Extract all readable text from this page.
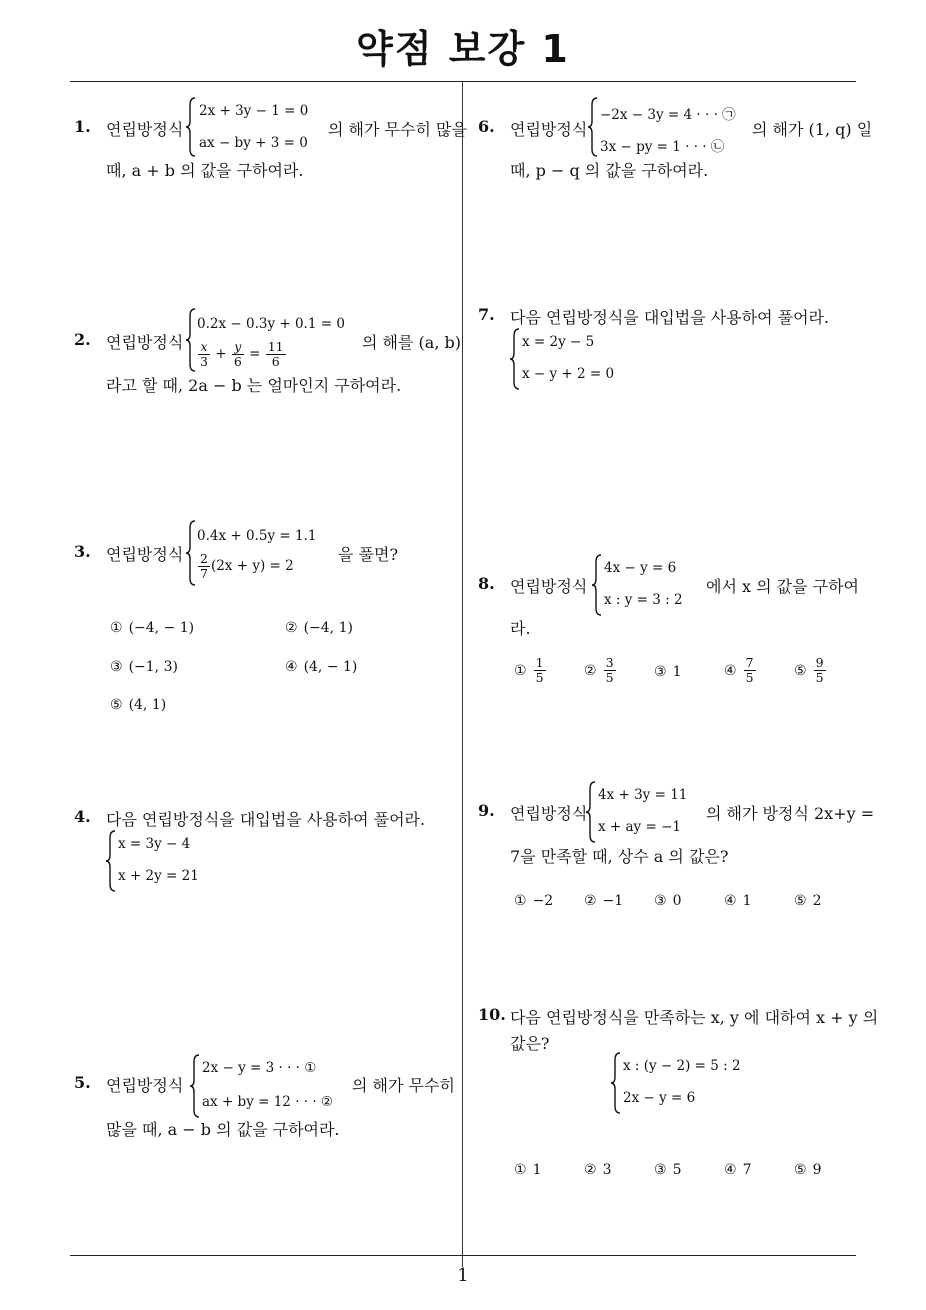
약점 보강 1
1
1. 연립방정식
2x + 3y − 1 = 0
ax − by + 3 = 0
의 해가 무수히 많을
때, a + b 의 값을 구하여라.
2. 연립방정식
0.2x − 0.3y + 0.1 = 0
$\frac{x}{3} + \frac{y}{6} = \frac{11}{6}$	의 해를 (a, b)
라고 할 때, 2a − b 는 얼마인지 구하여라.
3. 연립방정식
0.4x + 0.5y = 1.1
$\frac{2}{7} (2x + y) = 2$
을 풀면?
① (−4, − 1)	② (−4, 1)
③ (−1, 3)	④ (4, − 1)
⑤ (4, 1)
4. 다음 연립방정식을 대입법을 사용하여 풀어라.
x = 3y − 4
x + 2y = 21
5. 연립방정식
2x − y = 3 · · · ①
ax + by = 12 · · · ②
의 해가 무수히
많을 때, a − b 의 값을 구하여라.
6. 연립방정식
−2x − 3y = 4 · · · ㉠
3x − py = 1 · · · ㉡
의 해가 (1, q) 일
때, p − q 의 값을 구하여라.
7. 다음 연립방정식을 대입법을 사용하여 풀어라.
x = 2y − 5
x − y + 2 = 0
8. 연립방정식
4x − y = 6
x : y = 3 : 2
에서 x 의 값을 구하여
라.
① $\frac{1}{5}$	② $\frac{3}{5}$	③ 1	④ $\frac{7}{5}$	⑤ $\frac{9}{5}$
9. 연립방정식
4x + 3y = 11
x + ay = −1
의 해가 방정식 2x+y =
7을 만족할 때, 상수 a 의 값은?
① −2 ② −1 ③ 0	④ 1	⑤ 2
10. 다음 연립방정식을 만족하는 x, y 에 대하여 x + y 의
값은?
x : (y − 2) = 5 : 2
2x − y = 6
① 1	② 3	③ 5	④ 7	⑤ 9
